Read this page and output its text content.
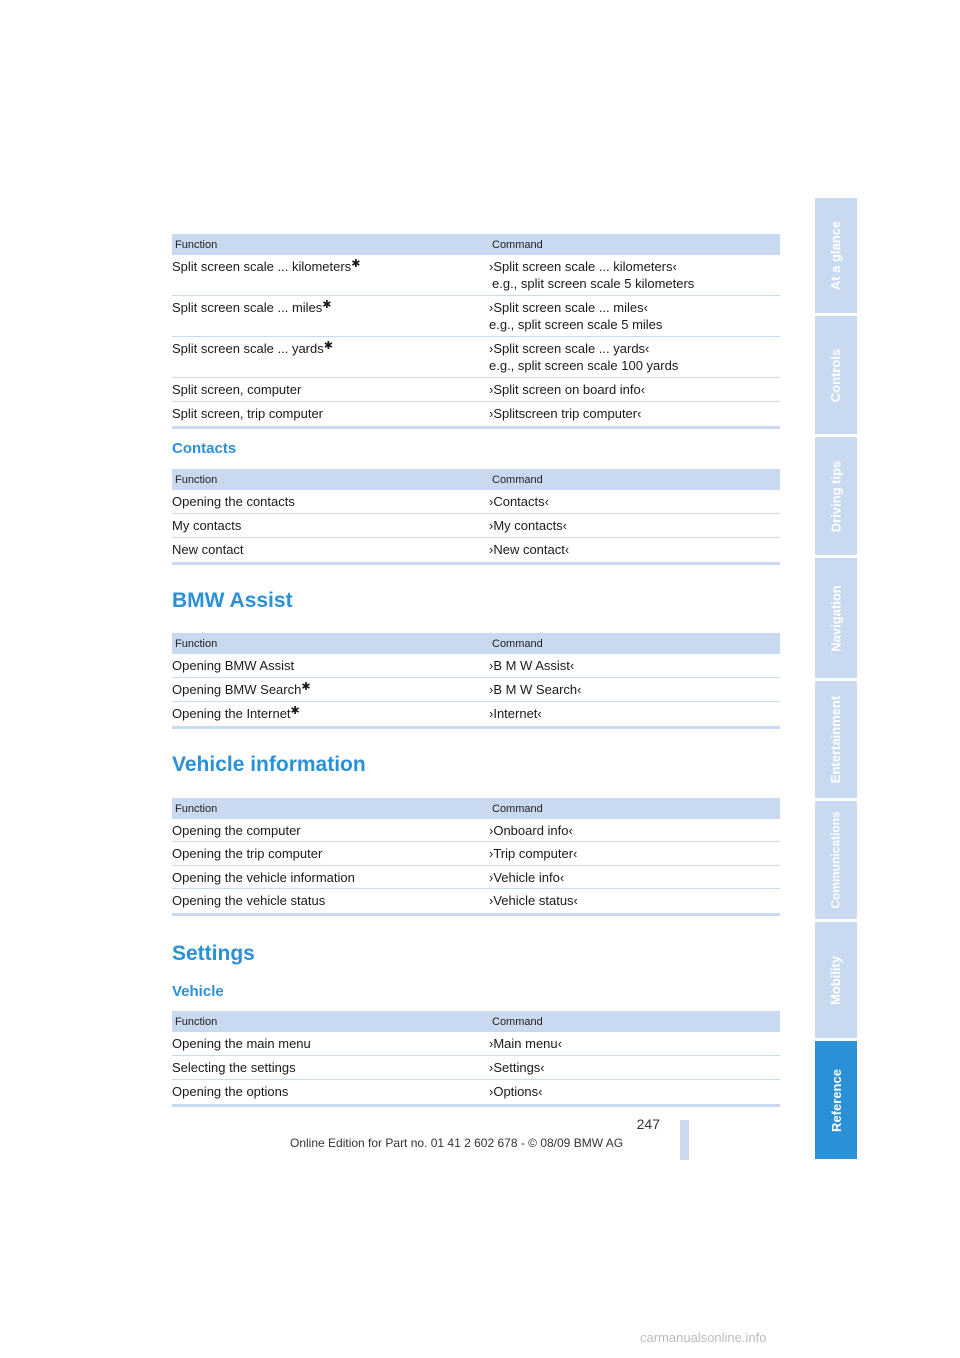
Function	Command
Split screen scale ... kilometers✱	›Split screen scale ... kilometers‹
e.g., split screen scale 5 kilometers
Split screen scale ... miles✱	›Split screen scale ... miles‹
e.g., split screen scale 5 miles
Split screen scale ... yards✱	›Split screen scale ... yards‹
e.g., split screen scale 100 yards
Split screen, computer	›Split screen on board info‹
Split screen, trip computer	›Splitscreen trip computer‹
Contacts
Function	Command
Opening the contacts	›Contacts‹
My contacts	›My contacts‹
New contact	›New contact‹
BMW Assist
Function	Command
Opening BMW Assist	›B M W Assist‹
Opening BMW Search✱	›B M W Search‹
Opening the Internet✱	›Internet‹
Vehicle information
Function	Command
Opening the computer	›Onboard info‹
Opening the trip computer	›Trip computer‹
Opening the vehicle information	›Vehicle info‹
Opening the vehicle status	›Vehicle status‹
Settings
Vehicle
Function	Command
Opening the main menu	›Main menu‹
Selecting the settings	›Settings‹
Opening the options	›Options‹
At a glance
Controls
Driving tips
Navigation
Entertainment
Communications
Mobility
Reference
247
Online Edition for Part no. 01 41 2 602 678 - © 08/09 BMW AG
carmanualsonline.info
